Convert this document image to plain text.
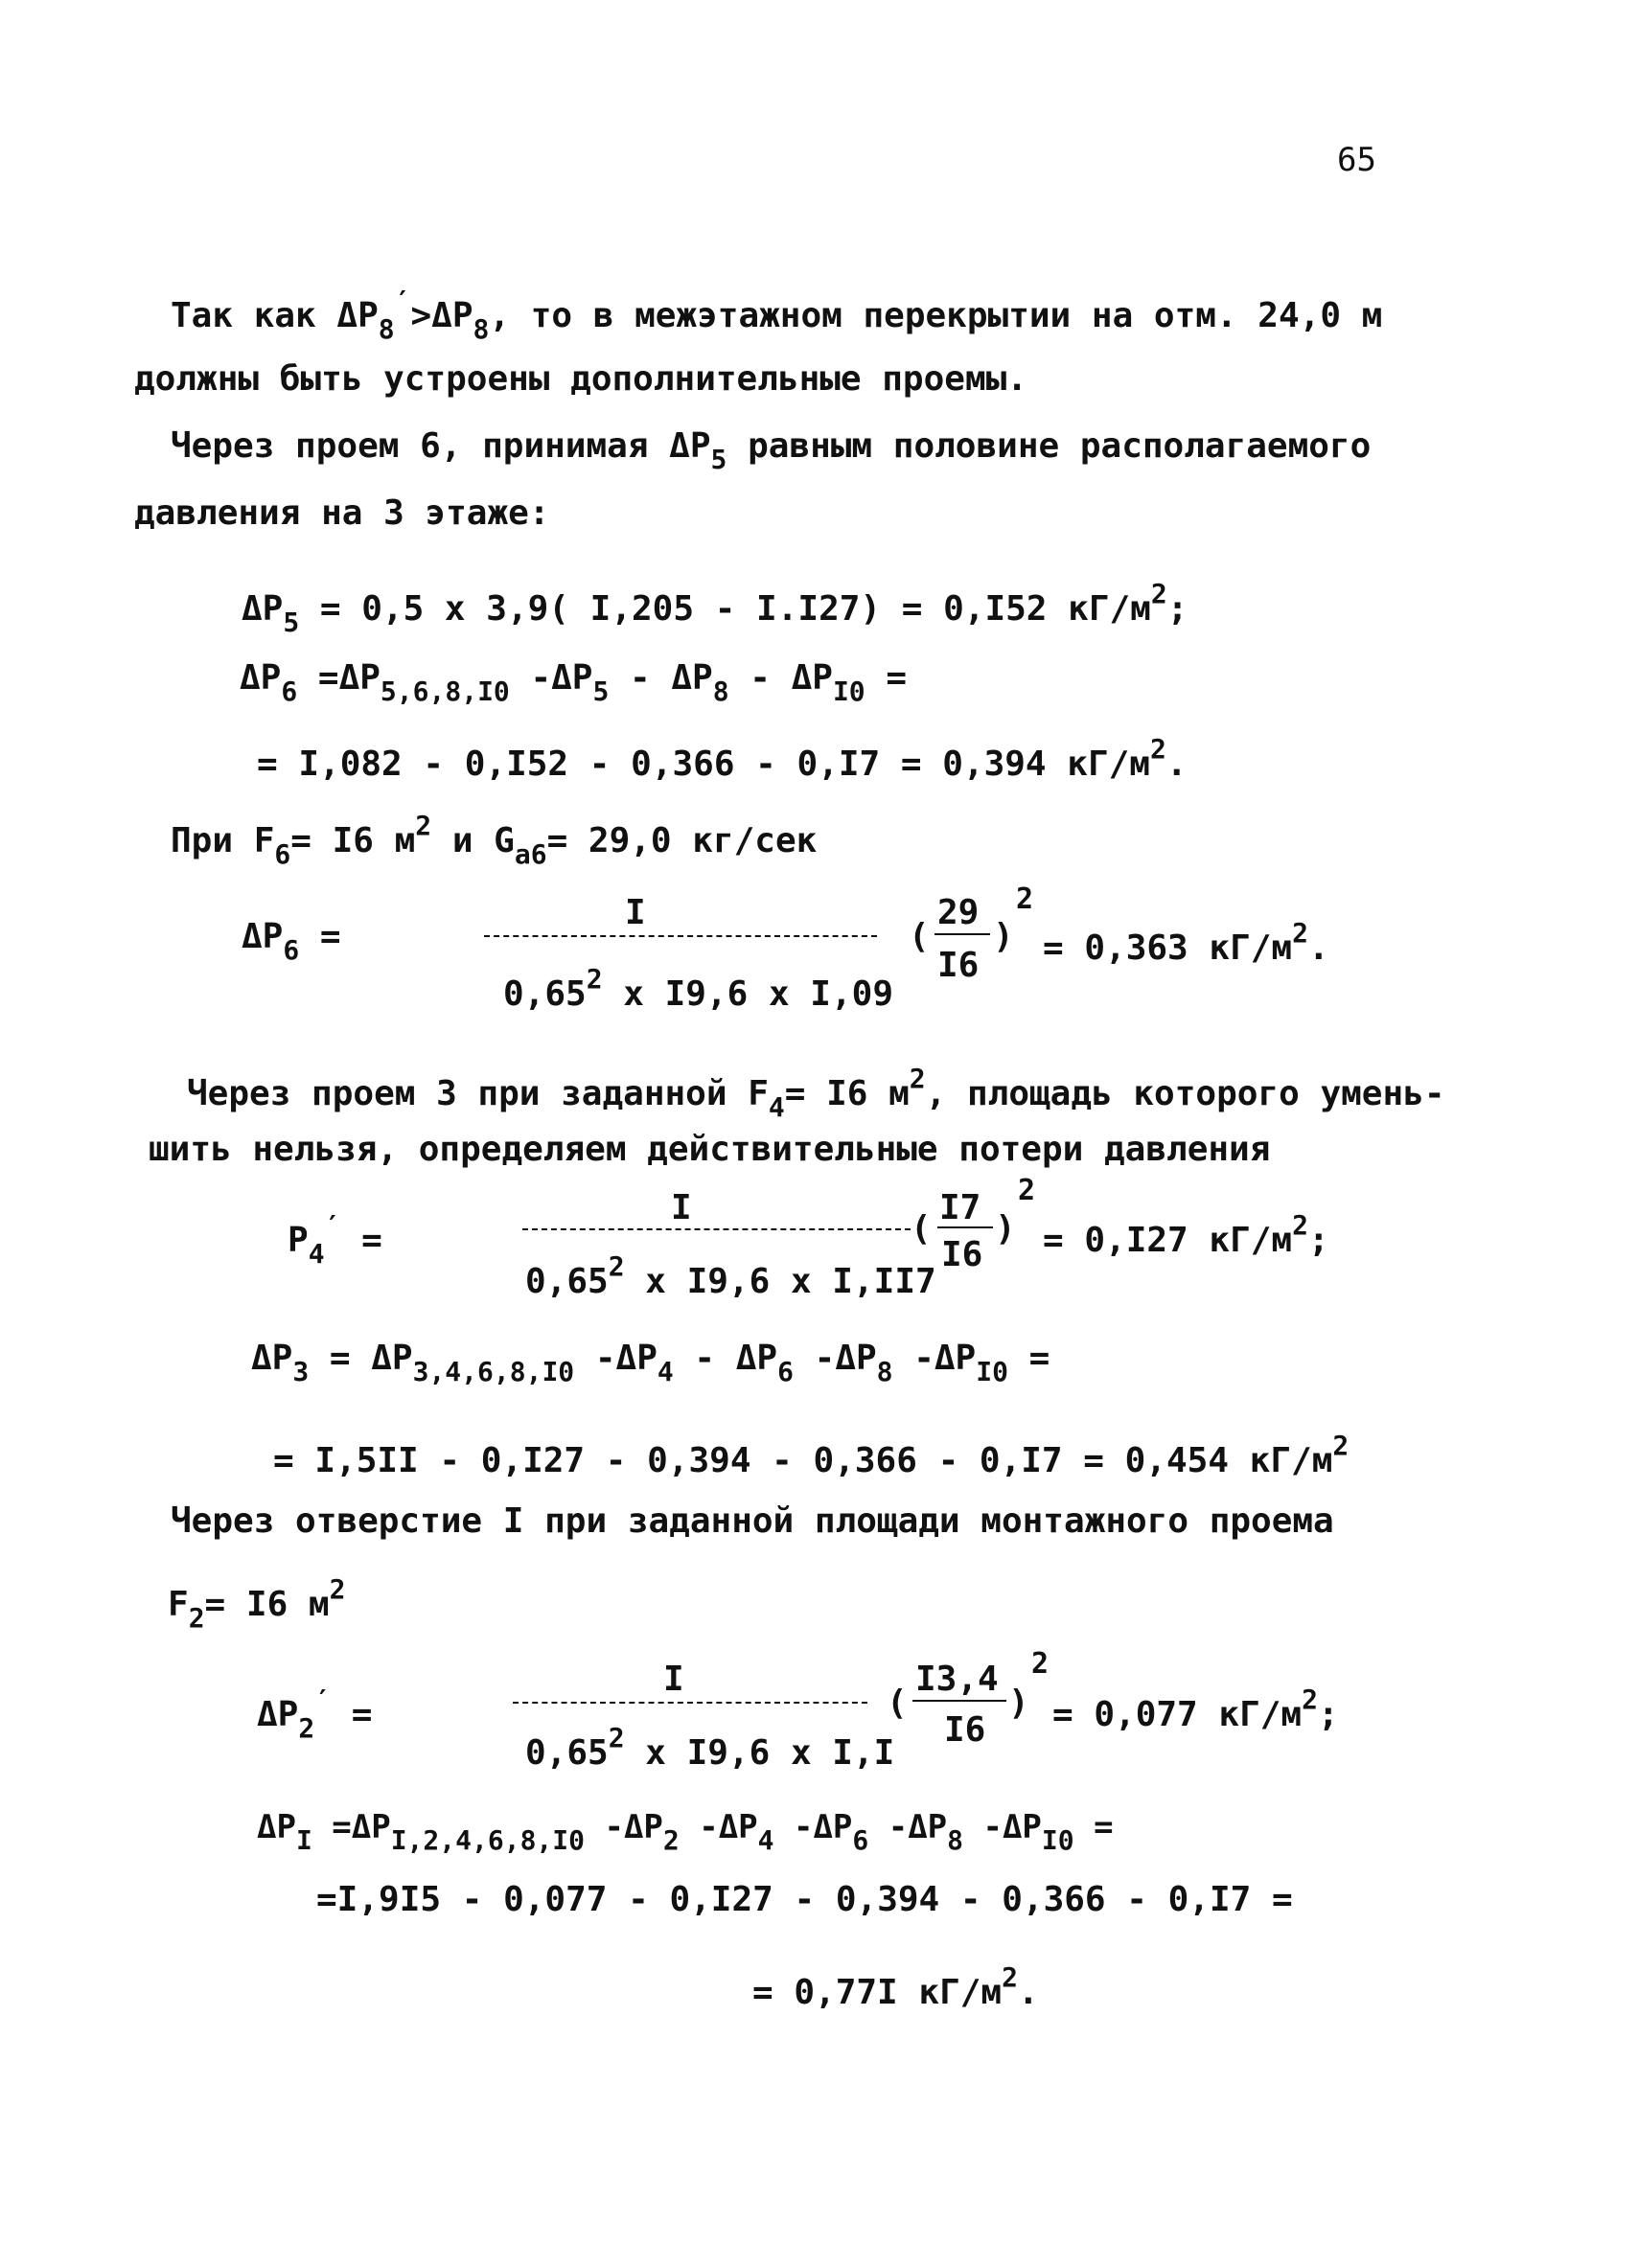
65
Так как $\Delta P_8'>\Delta P_8$, то в межэтажном перекрытии на отм. 24,0 м
должны быть устроены дополнительные проемы.
Через проем 6, принимая $\Delta P_5$ равным половине располагаемого
давления на 3 этаже:
$\Delta P_5 = 0,5$ x 3,9( I,205 - I.I27) = 0,I52 $кГ/м^2$;
$\Delta P_6 =\Delta P_{5,6,8,I0}$ $-\Delta P_5 - \Delta P_8 - \Delta P_{I0}$ =
= I,082 - 0,I52 - 0,366 - 0,I7 = 0,394 $кГ/м^2$.
При $F_6= I6$ $м^2$ и $G_{a6}= 29,0$ кг/сек
$\Delta P_6$ =
I
0,65$^2$ x I9,6 x I,09
(
29
I6
)
2
= 0,363 $кГ/м^2$.
Через проем 3 при заданной $F_4= I6$ $м^2$, площадь которого умень-
шить нельзя, определяем действительные потери давления
$P_4'$ =
I
0,65$^2$ x I9,6 x I,II7
(
I7
I6
)
2
= 0,I27 $кГ/м^2$;
$\Delta P_3 = \Delta P_{3,4,6,8,I0}$ $-\Delta P_4 - \Delta P_6$ $-\Delta P_8$ $-\Delta P_{I0}$ =
= I,5II - 0,I27 - 0,394 - 0,366 - 0,I7 = 0,454 $кГ/м^2$
Через отверстие I при заданной площади монтажного проема
$F_2= I6$ $м^2$
$\Delta P_2'$ =
I
0,65$^2$ x I9,6 x I,I
(
I3,4
I6
)
2
= 0,077 $кГ/м^2$;
$\Delta P_I =\Delta P_{I,2,4,6,8,I0}$ $-\Delta P_2$ $-\Delta P_4$ $-\Delta P_6$ $-\Delta P_8$ $-\Delta P_{I0}$ =
=I,9I5 - 0,077 - 0,I27 - 0,394 - 0,366 - 0,I7 =
= 0,77I $кГ/м^2$.
